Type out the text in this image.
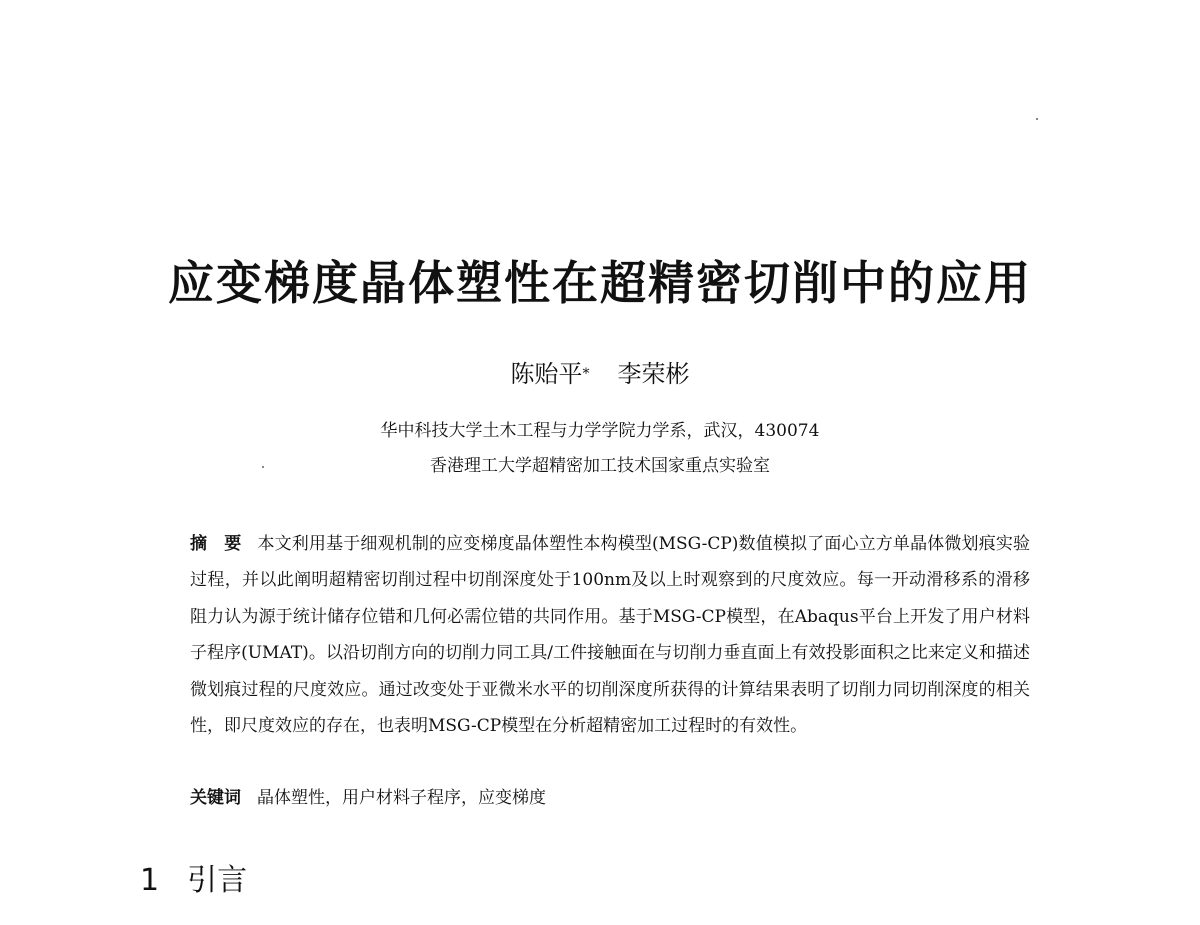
应变梯度晶体塑性在超精密切削中的应用
陈贻平* 李荣彬
华中科技大学土木工程与力学学院力学系，武汉，430074
香港理工大学超精密加工技术国家重点实验室
摘　要 本文利用基于细观机制的应变梯度晶体塑性本构模型(MSG-CP)数值模拟了面心立方单晶体微划痕实验过程，并以此阐明超精密切削过程中切削深度处于100nm及以上时观察到的尺度效应。每一开动滑移系的滑移阻力认为源于统计储存位错和几何必需位错的共同作用。基于MSG-CP模型，在Abaqus平台上开发了用户材料子程序(UMAT)。以沿切削方向的切削力同工具/工件接触面在与切削力垂直面上有效投影面积之比来定义和描述微划痕过程的尺度效应。通过改变处于亚微米水平的切削深度所获得的计算结果表明了切削力同切削深度的相关性，即尺度效应的存在，也表明MSG-CP模型在分析超精密加工过程时的有效性。
关键词 晶体塑性，用户材料子程序，应变梯度
1 引言
